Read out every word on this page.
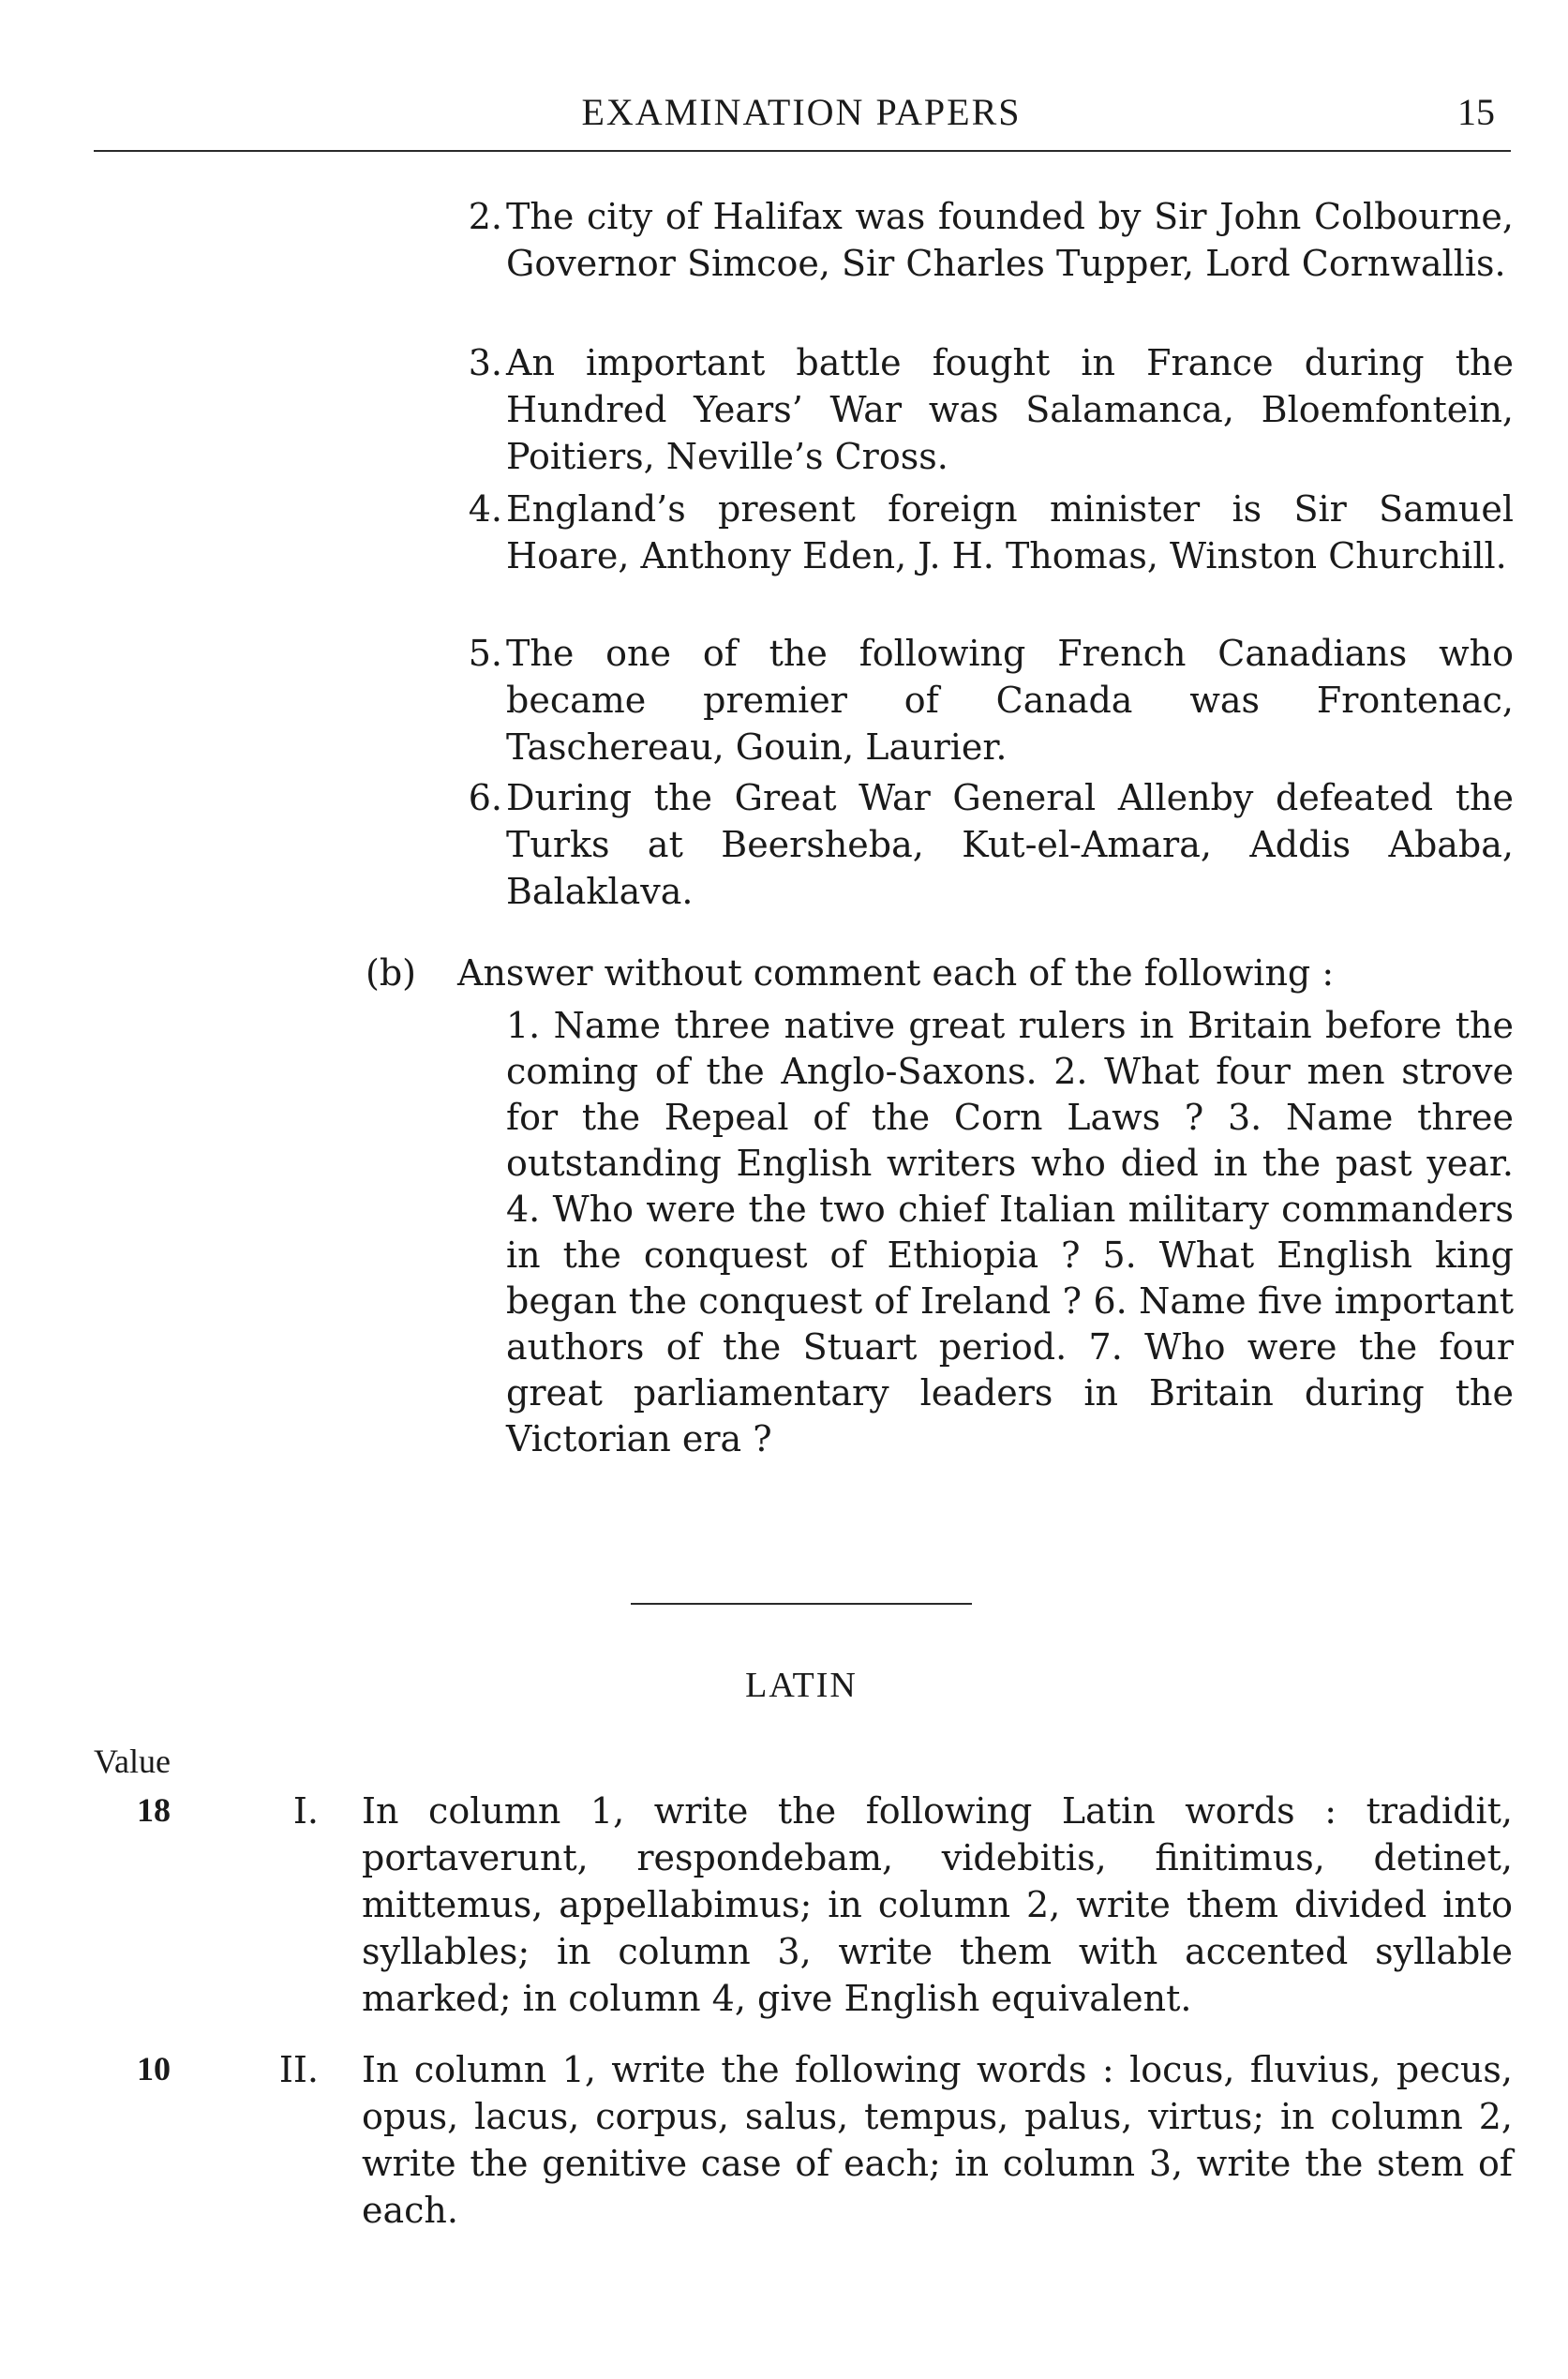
EXAMINATION PAPERS	15
2. The city of Halifax was founded by Sir John Colbourne, Governor Simcoe, Sir Charles Tupper, Lord Cornwallis.
3. An important battle fought in France during the Hundred Years’ War was Salamanca, Bloemfontein, Poitiers, Neville’s Cross.
4. England’s present foreign minister is Sir Samuel Hoare, Anthony Eden, J. H. Thomas, Winston Churchill.
5. The one of the following French Canadians who became premier of Canada was Frontenac, Taschereau, Gouin, Laurier.
6. During the Great War General Allenby defeated the Turks at Beersheba, Kut-el-Amara, Addis Ababa, Balaklava.
(b) Answer without comment each of the following :
1. Name three native great rulers in Britain before the coming of the Anglo-Saxons. 2. What four men strove for the Repeal of the Corn Laws ? 3. Name three outstanding English writers who died in the past year. 4. Who were the two chief Italian military commanders in the conquest of Ethiopia ? 5. What English king began the conquest of Ireland ? 6. Name five important authors of the Stuart period. 7. Who were the four great parliamentary leaders in Britain during the Victorian era ?
LATIN
Value
18	I. In column 1, write the following Latin words : tradidit, portaverunt, respondebam, videbitis, finitimus, detinet, mittemus, appellabimus; in column 2, write them divided into syllables; in column 3, write them with accented syllable marked; in column 4, give English equivalent.
10	II. In column 1, write the following words : locus, fluvius, pecus, opus, lacus, corpus, salus, tempus, palus, virtus; in column 2, write the genitive case of each; in column 3, write the stem of each.
